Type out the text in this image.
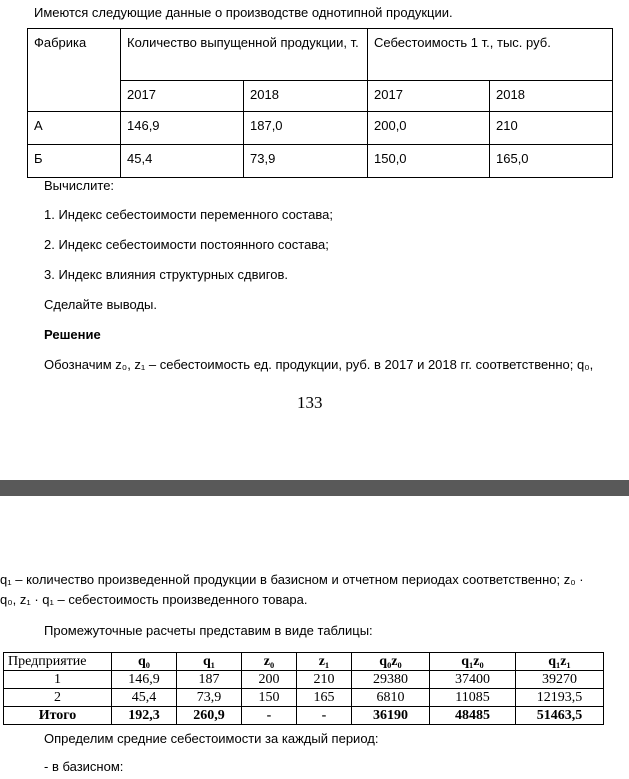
Имеются следующие данные о производстве однотипной продукции.
Фабрика	Количество выпущенной продукции, т.		Себестоимость 1 т., тыс. руб.	
	2017	2018	2017	2018
А	146,9	187,0	200,0	210
Б	45,4	73,9	150,0	165,0
Вычислите:
1. Индекс себестоимости переменного состава;
2. Индекс себестоимости постоянного состава;
3. Индекс влияния структурных сдвигов.
Сделайте выводы.
Решение
Обозначим z₀, z₁ – себестоимость ед. продукции, руб. в 2017 и 2018 гг. соответственно; q₀,
133
q₁ – количество произведенной продукции в базисном и отчетном периодах соответственно; z₀ ·
q₀, z₁ · q₁ – себестоимость произведенного товара.
Промежуточные расчеты представим в виде таблицы:
Предприятие	q₀	q₁	z₀	z₁	q₀z₀	q₁z₀	q₁z₁
1	146,9	187	200	210	29380	37400	39270
2	45,4	73,9	150	165	6810	11085	12193,5
Итого	192,3	260,9	-	-	36190	48485	51463,5
Определим средние себестоимости за каждый период:
- в базисном:
